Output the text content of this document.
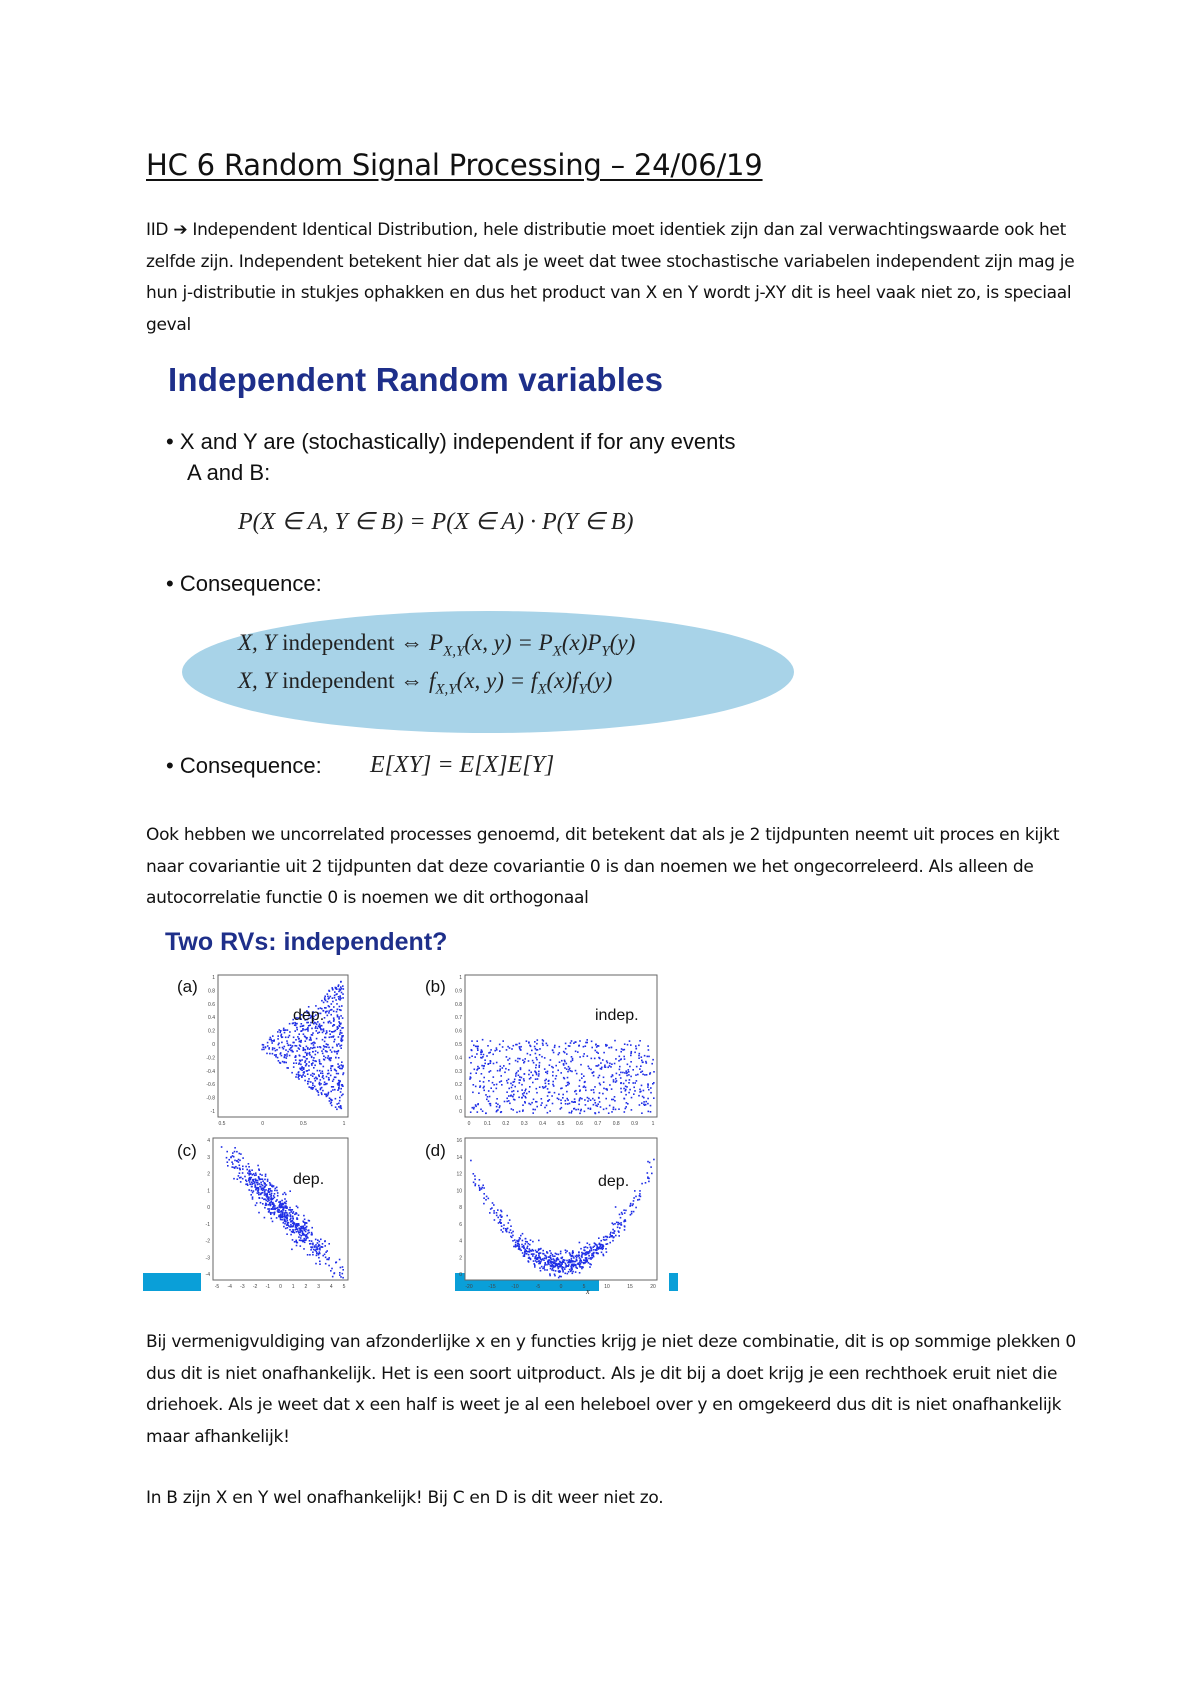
HC 6 Random Signal Processing – 24/06/19
IID ➔ Independent Identical Distribution, hele distributie moet identiek zijn dan zal verwachtingswaarde ook het zelfde zijn. Independent betekent hier dat als je weet dat twee stochastische variabelen independent zijn mag je hun j-distributie in stukjes ophakken en dus het product van X en Y wordt j-XY dit is heel vaak niet zo, is speciaal geval
Independent Random variables
• X and Y are (stochastically) independent if for any events
A and B:
P(X ∈ A, Y ∈ B) = P(X ∈ A) · P(Y ∈ B)
• Consequence:
X, Y independent ⇔ $P_{X,Y}(x$, $y) = P_X(x)P_Y(y)$
X, Y independent ⇔ $f_{X,Y}(x$, $y) = f_X(x)f_Y(y)$
• Consequence: E[XY] = E[X]E[Y]
Ook hebben we uncorrelated processes genoemd, dit betekent dat als je 2 tijdpunten neemt uit proces en kijkt naar covariantie uit 2 tijdpunten dat deze covariantie 0 is dan noemen we het ongecorreleerd. Als alleen de autocorrelatie functie 0 is noemen we dit orthogonaal
Two RVs: independent?
(a)
dep.
0.5	0	0.5	1
1
0.8
0.6
0.4
0.2
0
-0.2
-0.4
-0.6
-0.8
-1
(b)
indep.
0	0.1 0.2 0.3 0.4 0.5 0.6 0.7 0.8 0.9	1
1
0.9
0.8
0.7
0.6
0.5
0.4
0.3
0.2
0.1
0
(c)
dep.
-5 -4 -3 -2 -1 0 1 2 3 4 5
4
3
2
1
0
-1
-2
-3
-4
(d)
dep.
-20	-15	-10	-5	0	5	10	15	20
16
14
12
10
8
6
4
2
0
x
Bij vermenigvuldiging van afzonderlijke x en y functies krijg je niet deze combinatie, dit is op sommige plekken 0 dus dit is niet onafhankelijk. Het is een soort uitproduct. Als je dit bij a doet krijg je een rechthoek eruit niet die driehoek. Als je weet dat x een half is weet je al een heleboel over y en omgekeerd dus dit is niet onafhankelijk maar afhankelijk!
In B zijn X en Y wel onafhankelijk! Bij C en D is dit weer niet zo.
